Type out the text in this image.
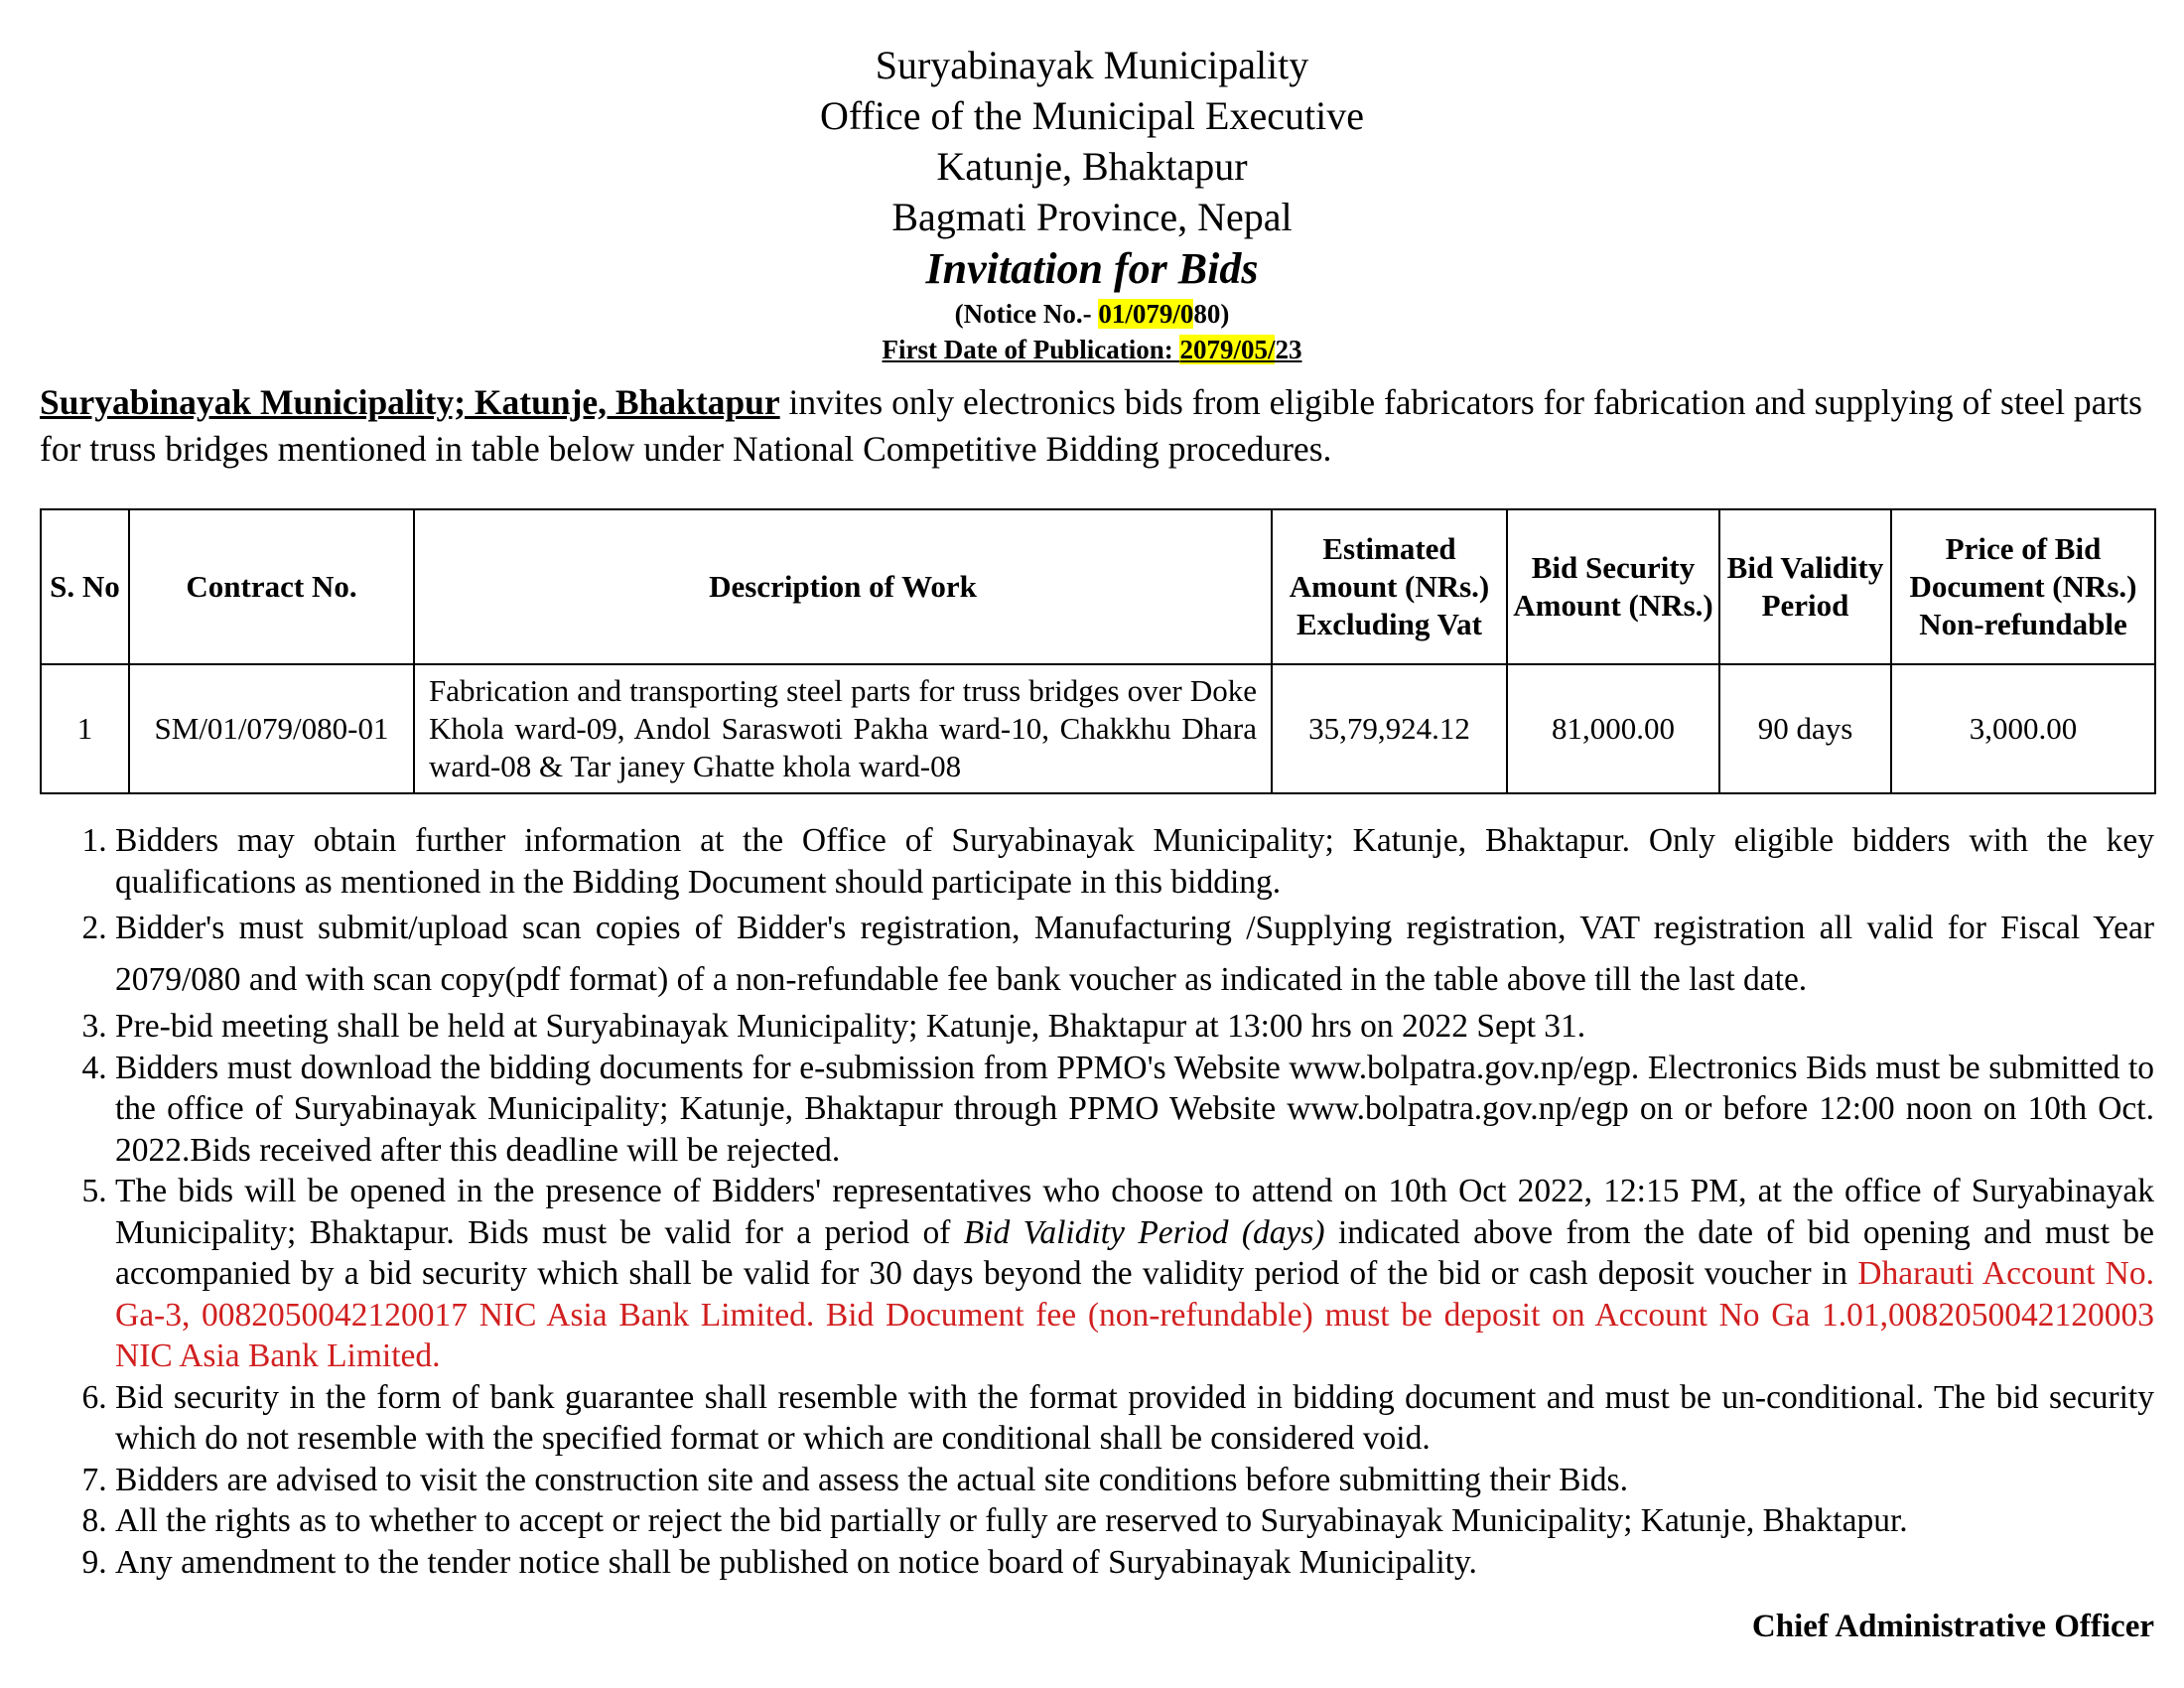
Suryabinayak Municipality
Office of the Municipal Executive
Katunje, Bhaktapur
Bagmati Province, Nepal
Invitation for Bids
(Notice No.- 01/079/080)
First Date of Publication: 2079/05/23
Suryabinayak Municipality; Katunje, Bhaktapur invites only electronics bids from eligible fabricators for fabrication and supplying of steel parts for truss bridges mentioned in table below under National Competitive Bidding procedures.
S. No	Contract No.	Description of Work	Estimated Amount (NRs.) Excluding Vat	Bid Security Amount (NRs.)	Bid Validity Period	Price of Bid Document (NRs.) Non-refundable
1	SM/01/079/080-01	Fabrication and transporting steel parts for truss bridges over Doke Khola ward-09, Andol Saraswoti Pakha ward-10, Chakkhu Dhara ward-08 & Tar janey Ghatte khola ward-08	35,79,924.12	81,000.00	90 days	3,000.00
1. Bidders may obtain further information at the Office of Suryabinayak Municipality; Katunje, Bhaktapur. Only eligible bidders with the key qualifications as mentioned in the Bidding Document should participate in this bidding.
2. Bidder's must submit/upload scan copies of Bidder's registration, Manufacturing /Supplying registration, VAT registration all valid for Fiscal Year 2079/080 and with scan copy(pdf format) of a non-refundable fee bank voucher as indicated in the table above till the last date.
3. Pre-bid meeting shall be held at Suryabinayak Municipality; Katunje, Bhaktapur at 13:00 hrs on 2022 Sept 31.
4. Bidders must download the bidding documents for e-submission from PPMO's Website www.bolpatra.gov.np/egp. Electronics Bids must be submitted to the office of Suryabinayak Municipality; Katunje, Bhaktapur through PPMO Website www.bolpatra.gov.np/egp on or before 12:00 noon on 10th Oct. 2022.Bids received after this deadline will be rejected.
5. The bids will be opened in the presence of Bidders' representatives who choose to attend on 10th Oct 2022, 12:15 PM, at the office of Suryabinayak Municipality; Bhaktapur. Bids must be valid for a period of Bid Validity Period (days) indicated above from the date of bid opening and must be accompanied by a bid security which shall be valid for 30 days beyond the validity period of the bid or cash deposit voucher in Dharauti Account No. Ga-3, 0082050042120017 NIC Asia Bank Limited. Bid Document fee (non-refundable) must be deposit on Account No Ga 1.01,0082050042120003 NIC Asia Bank Limited.
6. Bid security in the form of bank guarantee shall resemble with the format provided in bidding document and must be un-conditional. The bid security which do not resemble with the specified format or which are conditional shall be considered void.
7. Bidders are advised to visit the construction site and assess the actual site conditions before submitting their Bids.
8. All the rights as to whether to accept or reject the bid partially or fully are reserved to Suryabinayak Municipality; Katunje, Bhaktapur.
9. Any amendment to the tender notice shall be published on notice board of Suryabinayak Municipality.
Chief Administrative Officer
